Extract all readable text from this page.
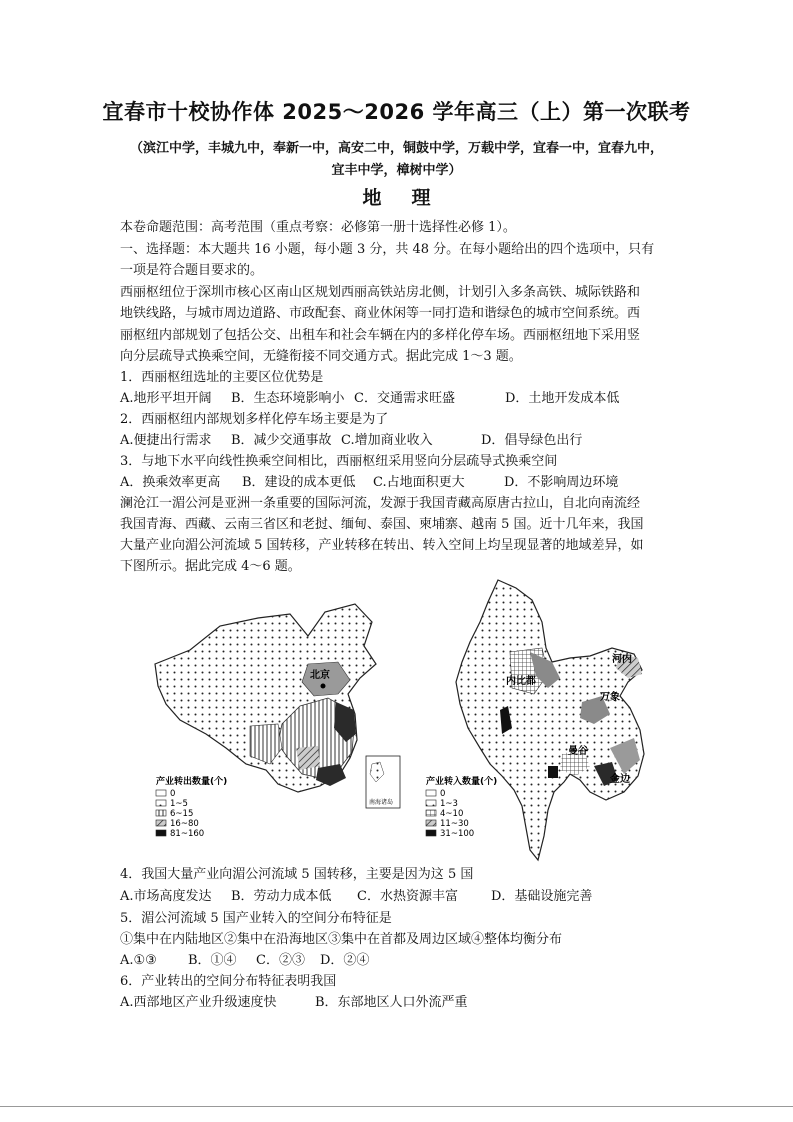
宜春市十校协作体 2025～2026 学年高三（上）第一次联考
（滨江中学，丰城九中，奉新一中，高安二中，铜鼓中学，万载中学，宜春一中，宜春九中，
宜丰中学，樟树中学）
地理
本卷命题范围：高考范围（重点考察：必修第一册十选择性必修 1）。
一、选择题：本大题共 16 小题，每小题 3 分，共 48 分。在每小题给出的四个选项中，只有
一项是符合题目要求的。
西丽枢纽位于深圳市核心区南山区规划西丽高铁站房北侧，计划引入多条高铁、城际铁路和
地铁线路，与城市周边道路、市政配套、商业休闲等一同打造和谐绿色的城市空间系统。西
丽枢纽内部规划了包括公交、出租车和社会车辆在内的多样化停车场。西丽枢纽地下采用竖
向分层疏导式换乘空间，无缝衔接不同交通方式。据此完成 1～3 题。
1．西丽枢纽选址的主要区位优势是
A.地形平坦开阔 B．生态环境影响小 C．交通需求旺盛	D．土地开发成本低
2．西丽枢纽内部规划多样化停车场主要是为了
A.便捷出行需求 B．减少交通事故 C.增加商业收入	D．倡导绿色出行
3．与地下水平向线性换乘空间相比，西丽枢纽采用竖向分层疏导式换乘空间
A．换乘效率更高 B．建设的成本更低 C.占地面积更大	D．不影响周边环境
澜沧江一湄公河是亚洲一条重要的国际河流，发源于我国青藏高原唐古拉山，自北向南流经
我国青海、西藏、云南三省区和老挝、缅甸、泰国、柬埔寨、越南 5 国。近十几年来，我国
大量产业向湄公河流域 5 国转移，产业转移在转出、转入空间上均呈现显著的地域差异，如
下图所示。据此完成 4～6 题。
北京
南海诸岛
产业转出数量(个)
0
1~5
6~15
16~80
81~160
内比都
河内
万象
曼谷
金边
产业转入数量(个)
0
1~3
4~10
11~30
31~100
4．我国大量产业向湄公河流域 5 国转移，主要是因为这 5 国
A.市场高度发达 B．劳动力成本低 C．水热资源丰富	D．基础设施完善
5．湄公河流域 5 国产业转入的空间分布特征是
①集中在内陆地区②集中在沿海地区③集中在首都及周边区域④整体均衡分布
A.①③ B．①④ C．②③ D．②④
6．产业转出的空间分布特征表明我国
A.西部地区产业升级速度快	B．东部地区人口外流严重
